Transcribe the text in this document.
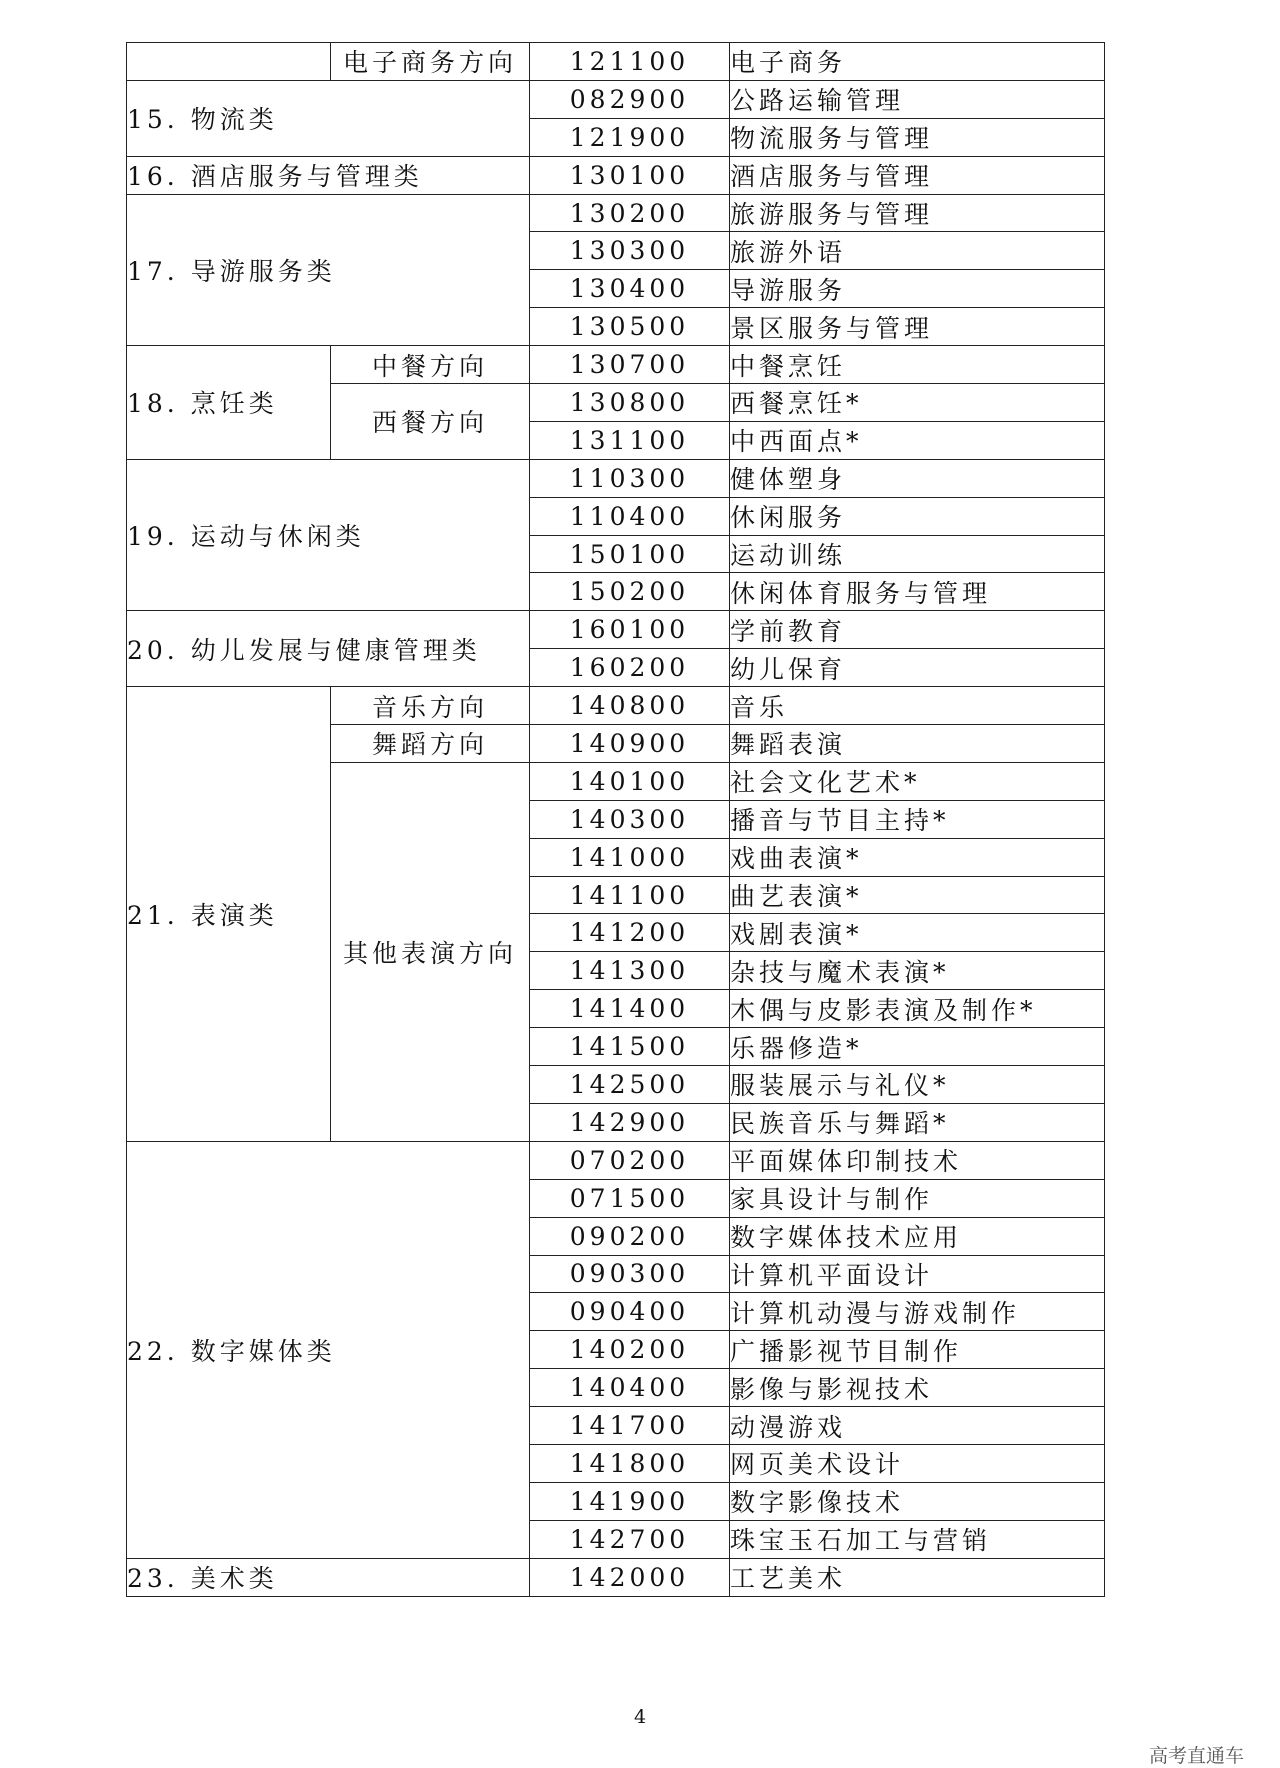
	电子商务方向	121100	电子商务
15. 物流类		082900	公路运输管理
		121900	物流服务与管理
16. 酒店服务与管理类		130100	酒店服务与管理
17. 导游服务类		130200	旅游服务与管理
		130300	旅游外语
		130400	导游服务
		130500	景区服务与管理
18. 烹饪类	中餐方向	130700	中餐烹饪
	西餐方向	130800	西餐烹饪*
		131100	中西面点*
19. 运动与休闲类		110300	健体塑身
		110400	休闲服务
		150100	运动训练
		150200	休闲体育服务与管理
20. 幼儿发展与健康管理类		160100	学前教育
		160200	幼儿保育
21. 表演类	音乐方向	140800	音乐
	舞蹈方向	140900	舞蹈表演
	其他表演方向	140100	社会文化艺术*
		140300	播音与节目主持*
		141000	戏曲表演*
		141100	曲艺表演*
		141200	戏剧表演*
		141300	杂技与魔术表演*
		141400	木偶与皮影表演及制作*
		141500	乐器修造*
		142500	服装展示与礼仪*
		142900	民族音乐与舞蹈*
22. 数字媒体类		070200	平面媒体印制技术
		071500	家具设计与制作
		090200	数字媒体技术应用
		090300	计算机平面设计
		090400	计算机动漫与游戏制作
		140200	广播影视节目制作
		140400	影像与影视技术
		141700	动漫游戏
		141800	网页美术设计
		141900	数字影像技术
		142700	珠宝玉石加工与营销
23. 美术类		142000	工艺美术
4
高考直通车
